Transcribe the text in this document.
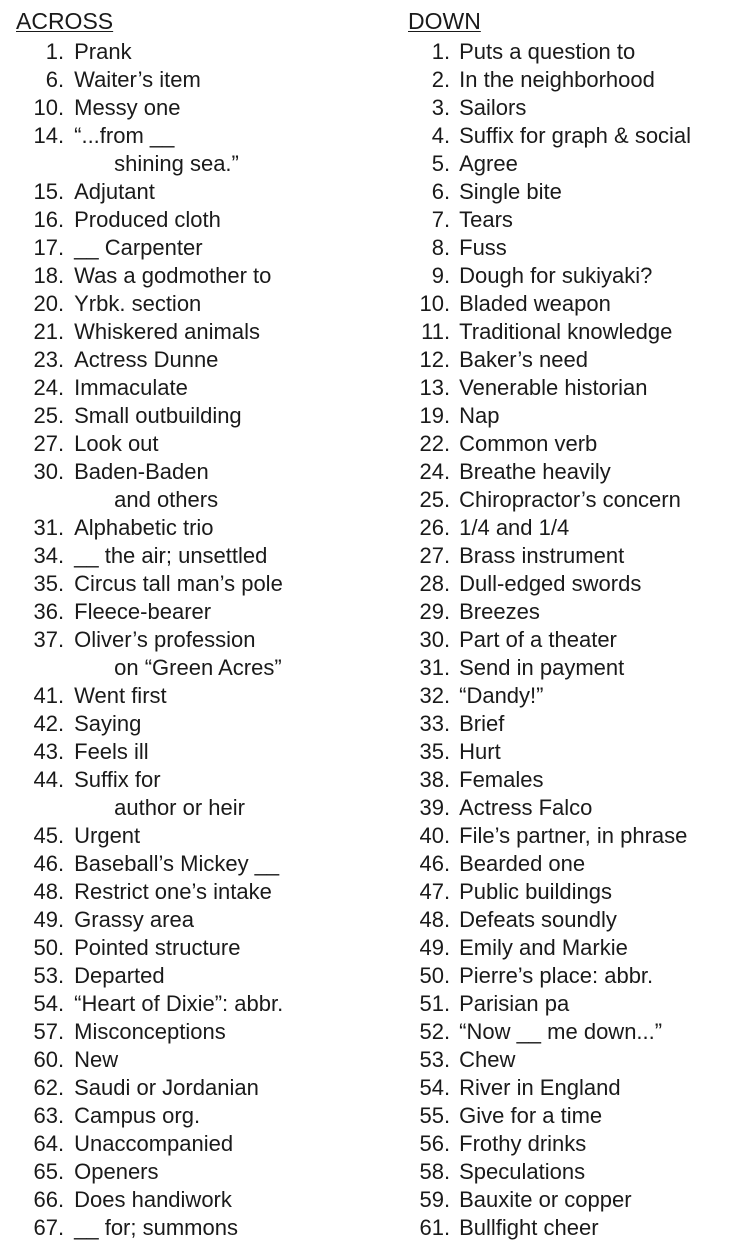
ACROSS
1 . Prank
6 . Waiter’s item
10 . Messy one
14 . “...from __
shining sea.”
15 . Adjutant
16 . Produced cloth
17 . __ Carpenter
18 . Was a godmother to
20 . Yrbk. section
21 . Whiskered animals
23 . Actress Dunne
24 . Immaculate
25 . Small outbuilding
27 . Look out
30 . Baden-Baden
and others
31 . Alphabetic trio
34 . __ the air; unsettled
35 . Circus tall man’s pole
36 . Fleece-bearer
37 . Oliver’s profession
on “Green Acres”
41 . Went first
42 . Saying
43 . Feels ill
44 . Suffix for
author or heir
45 . Urgent
46 . Baseball’s Mickey __
48 . Restrict one’s intake
49 . Grassy area
50 . Pointed structure
53 . Departed
54 . “Heart of Dixie”: abbr.
57 . Misconceptions
60 . New
62 . Saudi or Jordanian
63 . Campus org.
64 . Unaccompanied
65 . Openers
66 . Does handiwork
67 . __ for; summons
DOWN
1 . Puts a question to
2 . In the neighborhood
3 . Sailors
4 . Suffix for graph & social
5 . Agree
6 . Single bite
7 . Tears
8 . Fuss
9 . Dough for sukiyaki?
10 . Bladed weapon
11 . Traditional knowledge
12 . Baker’s need
13 . Venerable historian
19 . Nap
22 . Common verb
24 . Breathe heavily
25 . Chiropractor’s concern
26 . 1/4 and 1/4
27 . Brass instrument
28 . Dull-edged swords
29 . Breezes
30 . Part of a theater
31 . Send in payment
32 . “Dandy!”
33 . Brief
35 . Hurt
38 . Females
39 . Actress Falco
40 . File’s partner, in phrase
46 . Bearded one
47 . Public buildings
48 . Defeats soundly
49 . Emily and Markie
50 . Pierre’s place: abbr.
51 . Parisian pa
52 . “Now __ me down...”
53 . Chew
54 . River in England
55 . Give for a time
56 . Frothy drinks
58 . Speculations
59 . Bauxite or copper
61 . Bullfight cheer
